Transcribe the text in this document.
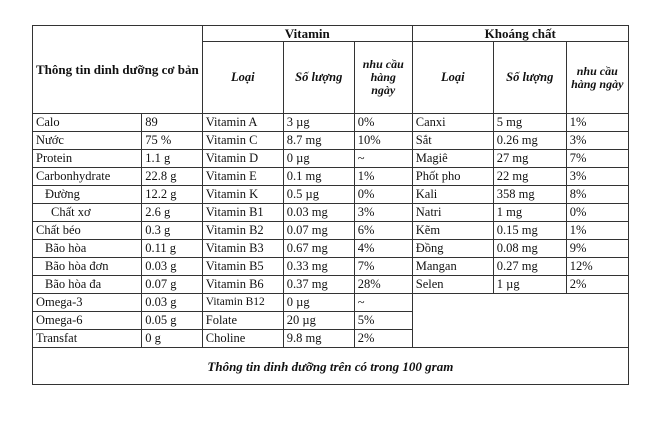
Thông tin dinh dưỡng cơ bản		Vitamin			Khoáng chất		
		Loại	Số lượng	nhu cầu hàng ngày	Loại	Số lượng	nhu cầu hàng ngày
Calo	89	Vitamin A	3 µg	0%	Canxi	5 mg	1%
Nước	75 %	Vitamin C	8.7 mg	10%	Sắt	0.26 mg	3%
Protein	1.1 g	Vitamin D	0 µg	~	Magiê	27 mg	7%
Carbonhydrate	22.8 g	Vitamin E	0.1 mg	1%	Phốt pho	22 mg	3%
Đường	12.2 g	Vitamin K	0.5 µg	0%	Kali	358 mg	8%
Chất xơ	2.6 g	Vitamin B1	0.03 mg	3%	Natri	1 mg	0%
Chất béo	0.3 g	Vitamin B2	0.07 mg	6%	Kẽm	0.15 mg	1%
Bão hòa	0.11 g	Vitamin B3	0.67 mg	4%	Đồng	0.08 mg	9%
Bão hòa đơn	0.03 g	Vitamin B5	0.33 mg	7%	Mangan	0.27 mg	12%
Bão hòa đa	0.07 g	Vitamin B6	0.37 mg	28%	Selen	1 µg	2%
Omega-3	0.03 g	Vitamin B12	0 µg	~			
Omega-6	0.05 g	Folate	20 µg	5%			
Transfat	0 g	Choline	9.8 mg	2%			
Thông tin dinh dưỡng trên có trong 100 gram							
